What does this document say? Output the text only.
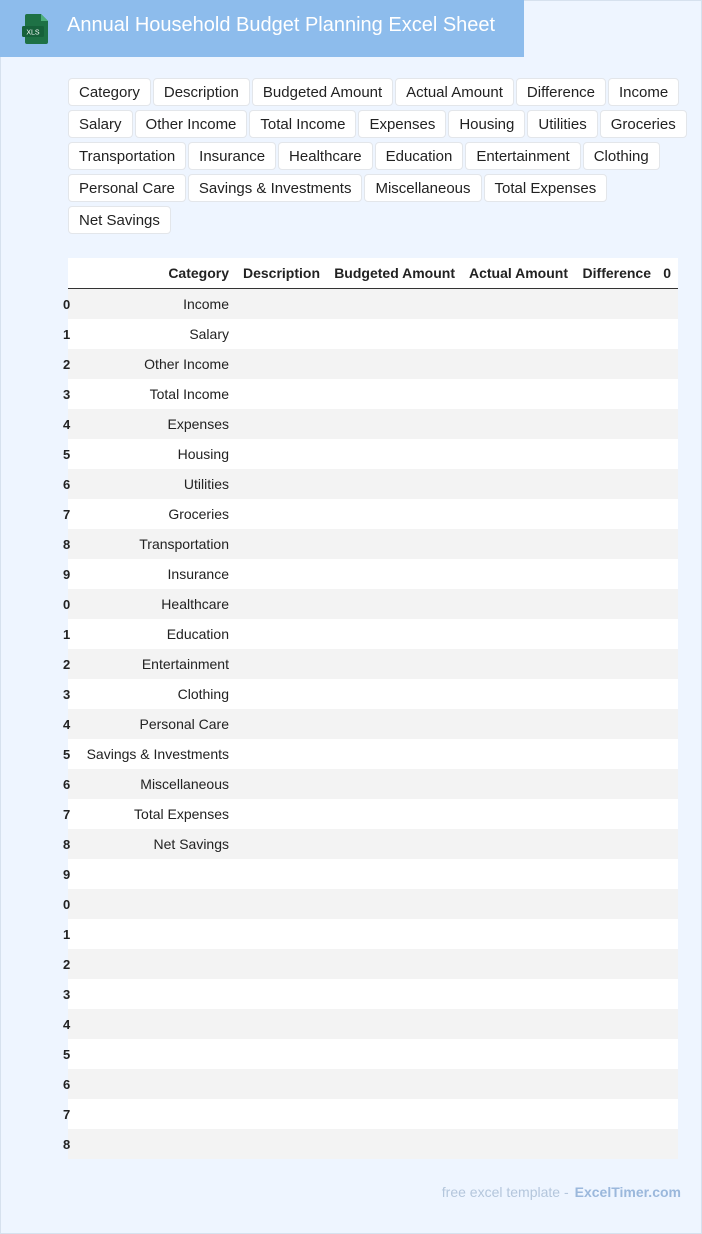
XLS Annual Household Budget Planning Excel Sheet
Category	Description	Budgeted Amount	Actual Amount	Difference	Income
Salary	Other Income	Total Income	Expenses	Housing	Utilities	Groceries
Transportation	Insurance	Healthcare	Education	Entertainment	Clothing
Personal Care	Savings & Investments	Miscellaneous	Total Expenses
Net Savings
	Category	Description	Budgeted Amount	Actual Amount	Difference	0
0	Income					
1	Salary					
2	Other Income					
3	Total Income					
4	Expenses					
5	Housing					
6	Utilities					
7	Groceries					
8	Transportation					
9	Insurance					
0	Healthcare					
1	Education					
2	Entertainment					
3	Clothing					
4	Personal Care					
5	Savings & Investments					
6	Miscellaneous					
7	Total Expenses					
8	Net Savings					
9						
0						
1						
2						
3						
4						
5						
6						
7						
8						
free excel template - ExcelTimer.com
